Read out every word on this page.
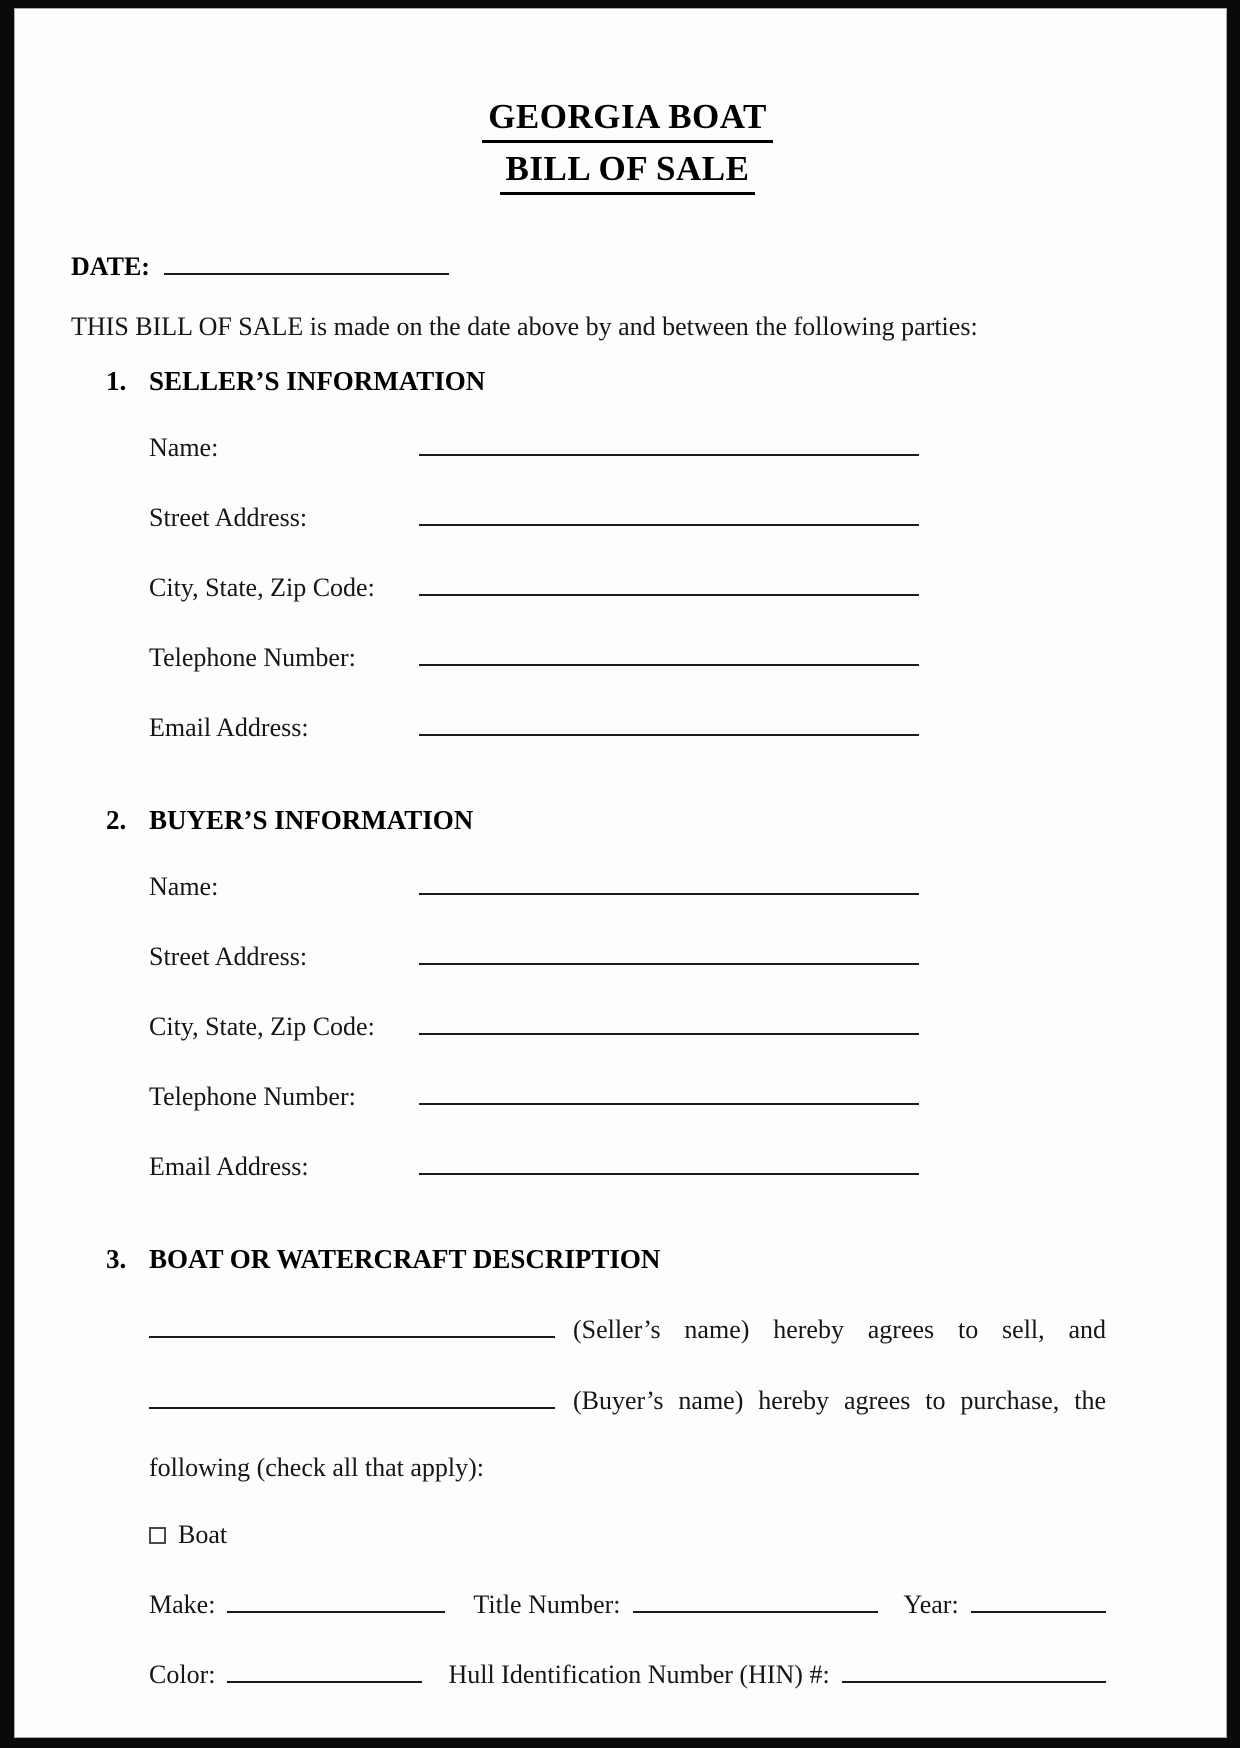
GEORGIA BOAT
BILL OF SALE
DATE:
THIS BILL OF SALE is made on the date above by and between the following parties:
1. SELLER’S INFORMATION
Name:
Street Address:
City, State, Zip Code:
Telephone Number:
Email Address:
2. BUYER’S INFORMATION
Name:
Street Address:
City, State, Zip Code:
Telephone Number:
Email Address:
3. BOAT OR WATERCRAFT DESCRIPTION
(Seller’s name) hereby agrees to sell, and
(Buyer’s name) hereby agrees to purchase, the
following (check all that apply):
Boat
Make:	Title Number:	Year:
Color:	Hull Identification Number (HIN) #:
